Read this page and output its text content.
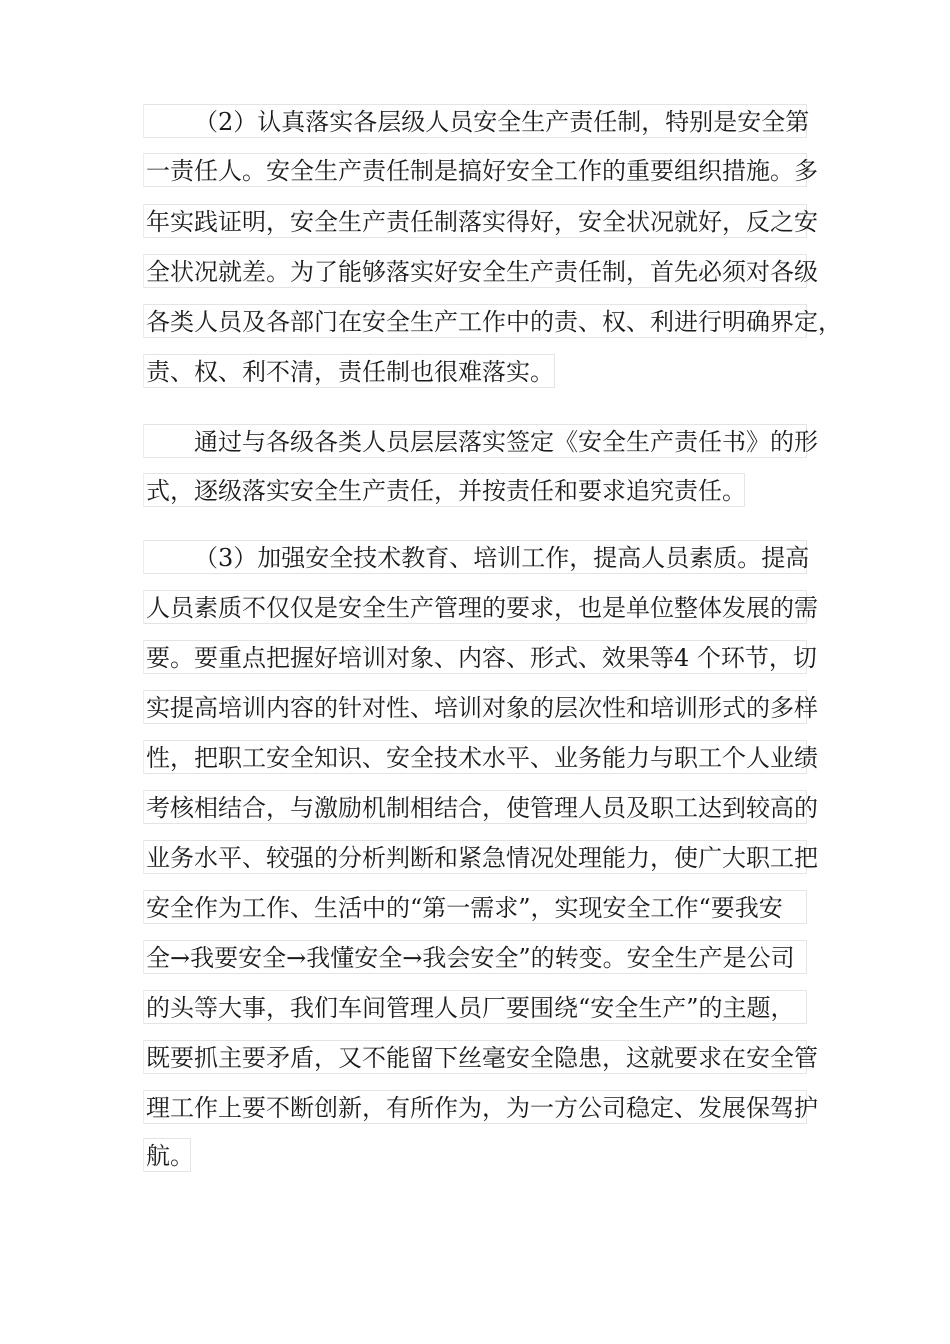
（2）认真落实各层级人员安全生产责任制，特别是安全第
一责任人。安全生产责任制是搞好安全工作的重要组织措施。多
年实践证明，安全生产责任制落实得好，安全状况就好，反之安
全状况就差。为了能够落实好安全生产责任制，首先必须对各级
各类人员及各部门在安全生产工作中的责、权、利进行明确界定，
责、权、利不清，责任制也很难落实。
通过与各级各类人员层层落实签定《安全生产责任书》的形
式，逐级落实安全生产责任，并按责任和要求追究责任。
（3）加强安全技术教育、培训工作，提高人员素质。提高
人员素质不仅仅是安全生产管理的要求，也是单位整体发展的需
要。要重点把握好培训对象、内容、形式、效果等4 个环节，切
实提高培训内容的针对性、培训对象的层次性和培训形式的多样
性，把职工安全知识、安全技术水平、业务能力与职工个人业绩
考核相结合，与激励机制相结合，使管理人员及职工达到较高的
业务水平、较强的分析判断和紧急情况处理能力，使广大职工把
安全作为工作、生活中的“第一需求”，实现安全工作“要我安
全→我要安全→我懂安全→我会安全”的转变。安全生产是公司
的头等大事，我们车间管理人员厂要围绕“安全生产”的主题，
既要抓主要矛盾，又不能留下丝毫安全隐患，这就要求在安全管
理工作上要不断创新，有所作为，为一方公司稳定、发展保驾护
航。
